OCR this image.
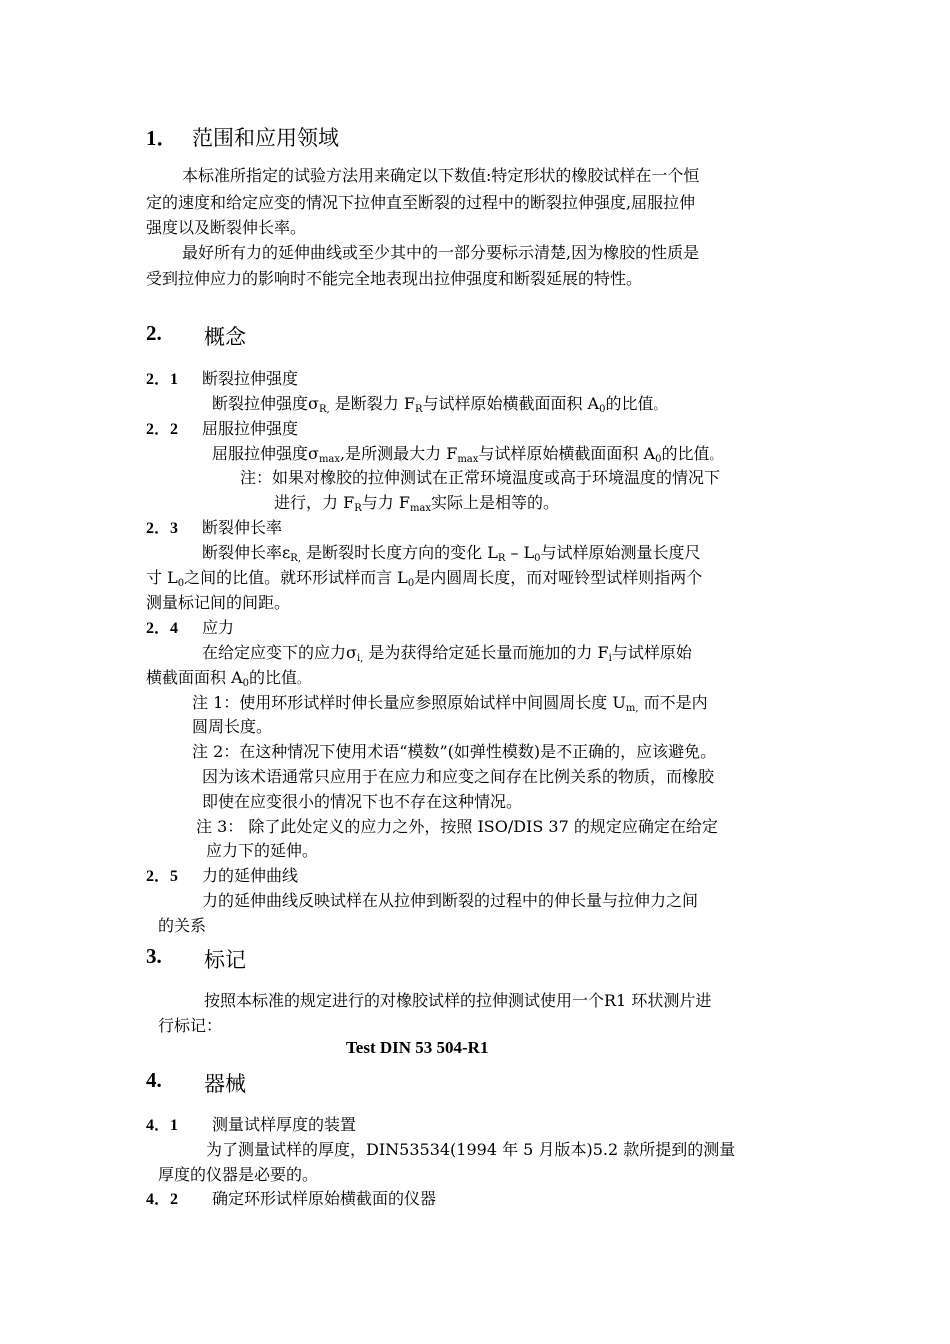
1． 范围和应用领域
本标准所指定的试验方法用来确定以下数值:特定形状的橡胶试样在一个恒
定的速度和给定应变的情况下拉伸直至断裂的过程中的断裂拉伸强度,屈服拉伸
强度以及断裂伸长率。
最好所有力的延伸曲线或至少其中的一部分要标示清楚,因为橡胶的性质是
受到拉伸应力的影响时不能完全地表现出拉伸强度和断裂延展的特性。
2. 概念
2．1 断裂拉伸强度
断裂拉伸强度$\sigma_{R,}$ 是断裂力 $F_R$与试样原始横截面面积 $A_0$的比值。
2．2 屈服拉伸强度
屈服拉伸强度$\sigma_{max}$,是所测最大力 $F_{max}$与试样原始横截面面积 $A_0$的比值。
注：如果对橡胶的拉伸测试在正常环境温度或高于环境温度的情况下
进行，力 $F_R$与力 $F_{max}$实际上是相等的。
2．3 断裂伸长率
断裂伸长率$\varepsilon_{R,}$ 是断裂时长度方向的变化 $L_R - L_0$与试样原始测量长度尺
寸 $L_0$之间的比值。就环形试样而言 $L_0$是内圆周长度，而对哑铃型试样则指两个
测量标记间的间距。
2．4 应力
在给定应变下的应力$\sigma_{i,}$ 是为获得给定延长量而施加的力 $F_i$与试样原始
横截面面积 $A_0$的比值。
注 1：使用环形试样时伸长量应参照原始试样中间圆周长度 $U_{m,}$ 而不是内
圆周长度。
注 2：在这种情况下使用术语“模数”(如弹性模数)是不正确的，应该避免。
因为该术语通常只应用于在应力和应变之间存在比例关系的物质，而橡胶
即使在应变很小的情况下也不存在这种情况。
注 3： 除了此处定义的应力之外，按照 ISO/DIS 37 的规定应确定在给定
应力下的延伸。
2．5 力的延伸曲线
力的延伸曲线反映试样在从拉伸到断裂的过程中的伸长量与拉伸力之间
的关系
3. 标记
按照本标准的规定进行的对橡胶试样的拉伸测试使用一个R1 环状测片进
行标记：
Test DIN 53 504-R1
4. 器械
4．1 测量试样厚度的装置
为了测量试样的厚度，DIN53534(1994 年 5 月版本)5.2 款所提到的测量
厚度的仪器是必要的。
4．2 确定环形试样原始横截面的仪器
